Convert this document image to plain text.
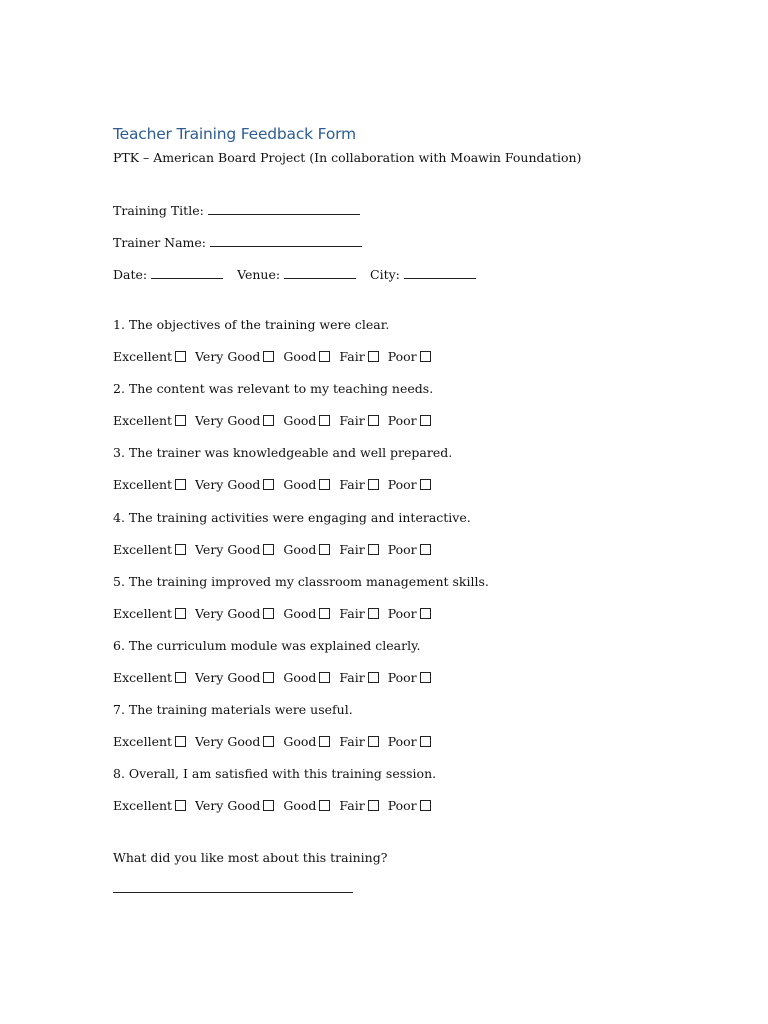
Teacher Training Feedback Form
PTK – American Board Project (In collaboration with Moawin Foundation)
Training Title:
Trainer Name:
Date:	Venue:	City:
1. The objectives of the training were clear.
Excellent Very Good Good Fair Poor
2. The content was relevant to my teaching needs.
Excellent Very Good Good Fair Poor
3. The trainer was knowledgeable and well prepared.
Excellent Very Good Good Fair Poor
4. The training activities were engaging and interactive.
Excellent Very Good Good Fair Poor
5. The training improved my classroom management skills.
Excellent Very Good Good Fair Poor
6. The curriculum module was explained clearly.
Excellent Very Good Good Fair Poor
7. The training materials were useful.
Excellent Very Good Good Fair Poor
8. Overall, I am satisfied with this training session.
Excellent Very Good Good Fair Poor
What did you like most about this training?
